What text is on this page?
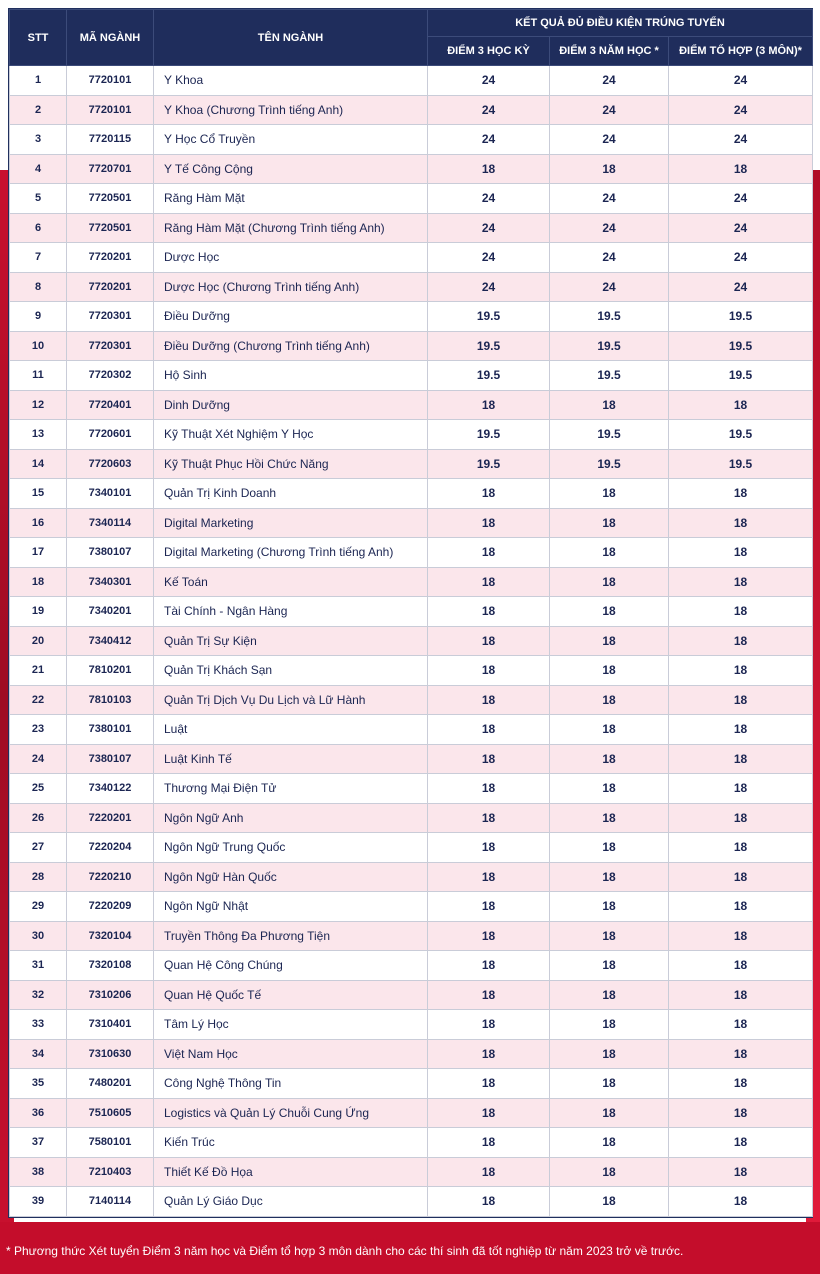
STT	MÃ NGÀNH	TÊN NGÀNH	KẾT QUẢ ĐỦ ĐIỀU KIỆN TRÚNG TUYỂN		
			ĐIỂM 3 HỌC KỲ	ĐIỂM 3 NĂM HỌC *	ĐIỂM TỔ HỢP (3 MÔN)*
1	7720101	Y Khoa	24	24	24
2	7720101	Y Khoa (Chương Trình tiếng Anh)	24	24	24
3	7720115	Y Học Cổ Truyền	24	24	24
4	7720701	Y Tế Công Cộng	18	18	18
5	7720501	Răng Hàm Mặt	24	24	24
6	7720501	Răng Hàm Mặt (Chương Trình tiếng Anh)	24	24	24
7	7720201	Dược Học	24	24	24
8	7720201	Dược Học (Chương Trình tiếng Anh)	24	24	24
9	7720301	Điều Dưỡng	19.5	19.5	19.5
10	7720301	Điều Dưỡng (Chương Trình tiếng Anh)	19.5	19.5	19.5
11	7720302	Hộ Sinh	19.5	19.5	19.5
12	7720401	Dinh Dưỡng	18	18	18
13	7720601	Kỹ Thuật Xét Nghiệm Y Học	19.5	19.5	19.5
14	7720603	Kỹ Thuật Phục Hồi Chức Năng	19.5	19.5	19.5
15	7340101	Quản Trị Kinh Doanh	18	18	18
16	7340114	Digital Marketing	18	18	18
17	7380107	Digital Marketing (Chương Trình tiếng Anh)	18	18	18
18	7340301	Kế Toán	18	18	18
19	7340201	Tài Chính - Ngân Hàng	18	18	18
20	7340412	Quản Trị Sự Kiện	18	18	18
21	7810201	Quản Trị Khách Sạn	18	18	18
22	7810103	Quản Trị Dịch Vụ Du Lịch và Lữ Hành	18	18	18
23	7380101	Luật	18	18	18
24	7380107	Luật Kinh Tế	18	18	18
25	7340122	Thương Mại Điện Tử	18	18	18
26	7220201	Ngôn Ngữ Anh	18	18	18
27	7220204	Ngôn Ngữ Trung Quốc	18	18	18
28	7220210	Ngôn Ngữ Hàn Quốc	18	18	18
29	7220209	Ngôn Ngữ Nhật	18	18	18
30	7320104	Truyền Thông Đa Phương Tiện	18	18	18
31	7320108	Quan Hệ Công Chúng	18	18	18
32	7310206	Quan Hệ Quốc Tế	18	18	18
33	7310401	Tâm Lý Học	18	18	18
34	7310630	Việt Nam Học	18	18	18
35	7480201	Công Nghệ Thông Tin	18	18	18
36	7510605	Logistics và Quản Lý Chuỗi Cung Ứng	18	18	18
37	7580101	Kiến Trúc	18	18	18
38	7210403	Thiết Kế Đồ Họa	18	18	18
39	7140114	Quản Lý Giáo Dục	18	18	18
* Phương thức Xét tuyển Điểm 3 năm học và Điểm tổ hợp 3 môn dành cho các thí sinh đã tốt nghiệp từ năm 2023 trở về trước.
